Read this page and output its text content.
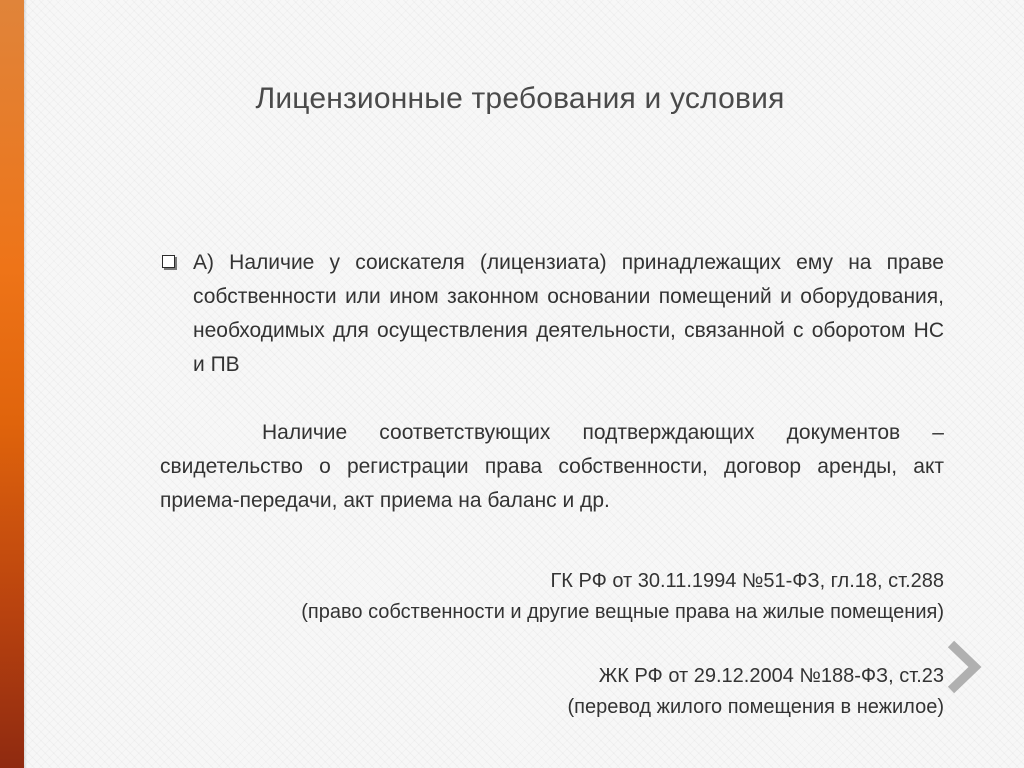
Лицензионные требования и условия

А) Наличие у соискателя (лицензиата) принадлежащих ему на праве собственности или ином законном основании помещений и оборудования, необходимых для осуществления деятельности, связанной с оборотом НС и ПВ

Наличие соответствующих подтверждающих документов – свидетельство о регистрации права собственности, договор аренды, акт приема-передачи, акт приема на баланс и др.

ГК РФ от 30.11.1994 №51-ФЗ, гл.18, ст.288
(право собственности и другие вещные права на жилые помещения)
ЖК РФ от 29.12.2004 №188-ФЗ, ст.23
(перевод жилого помещения в нежилое)
